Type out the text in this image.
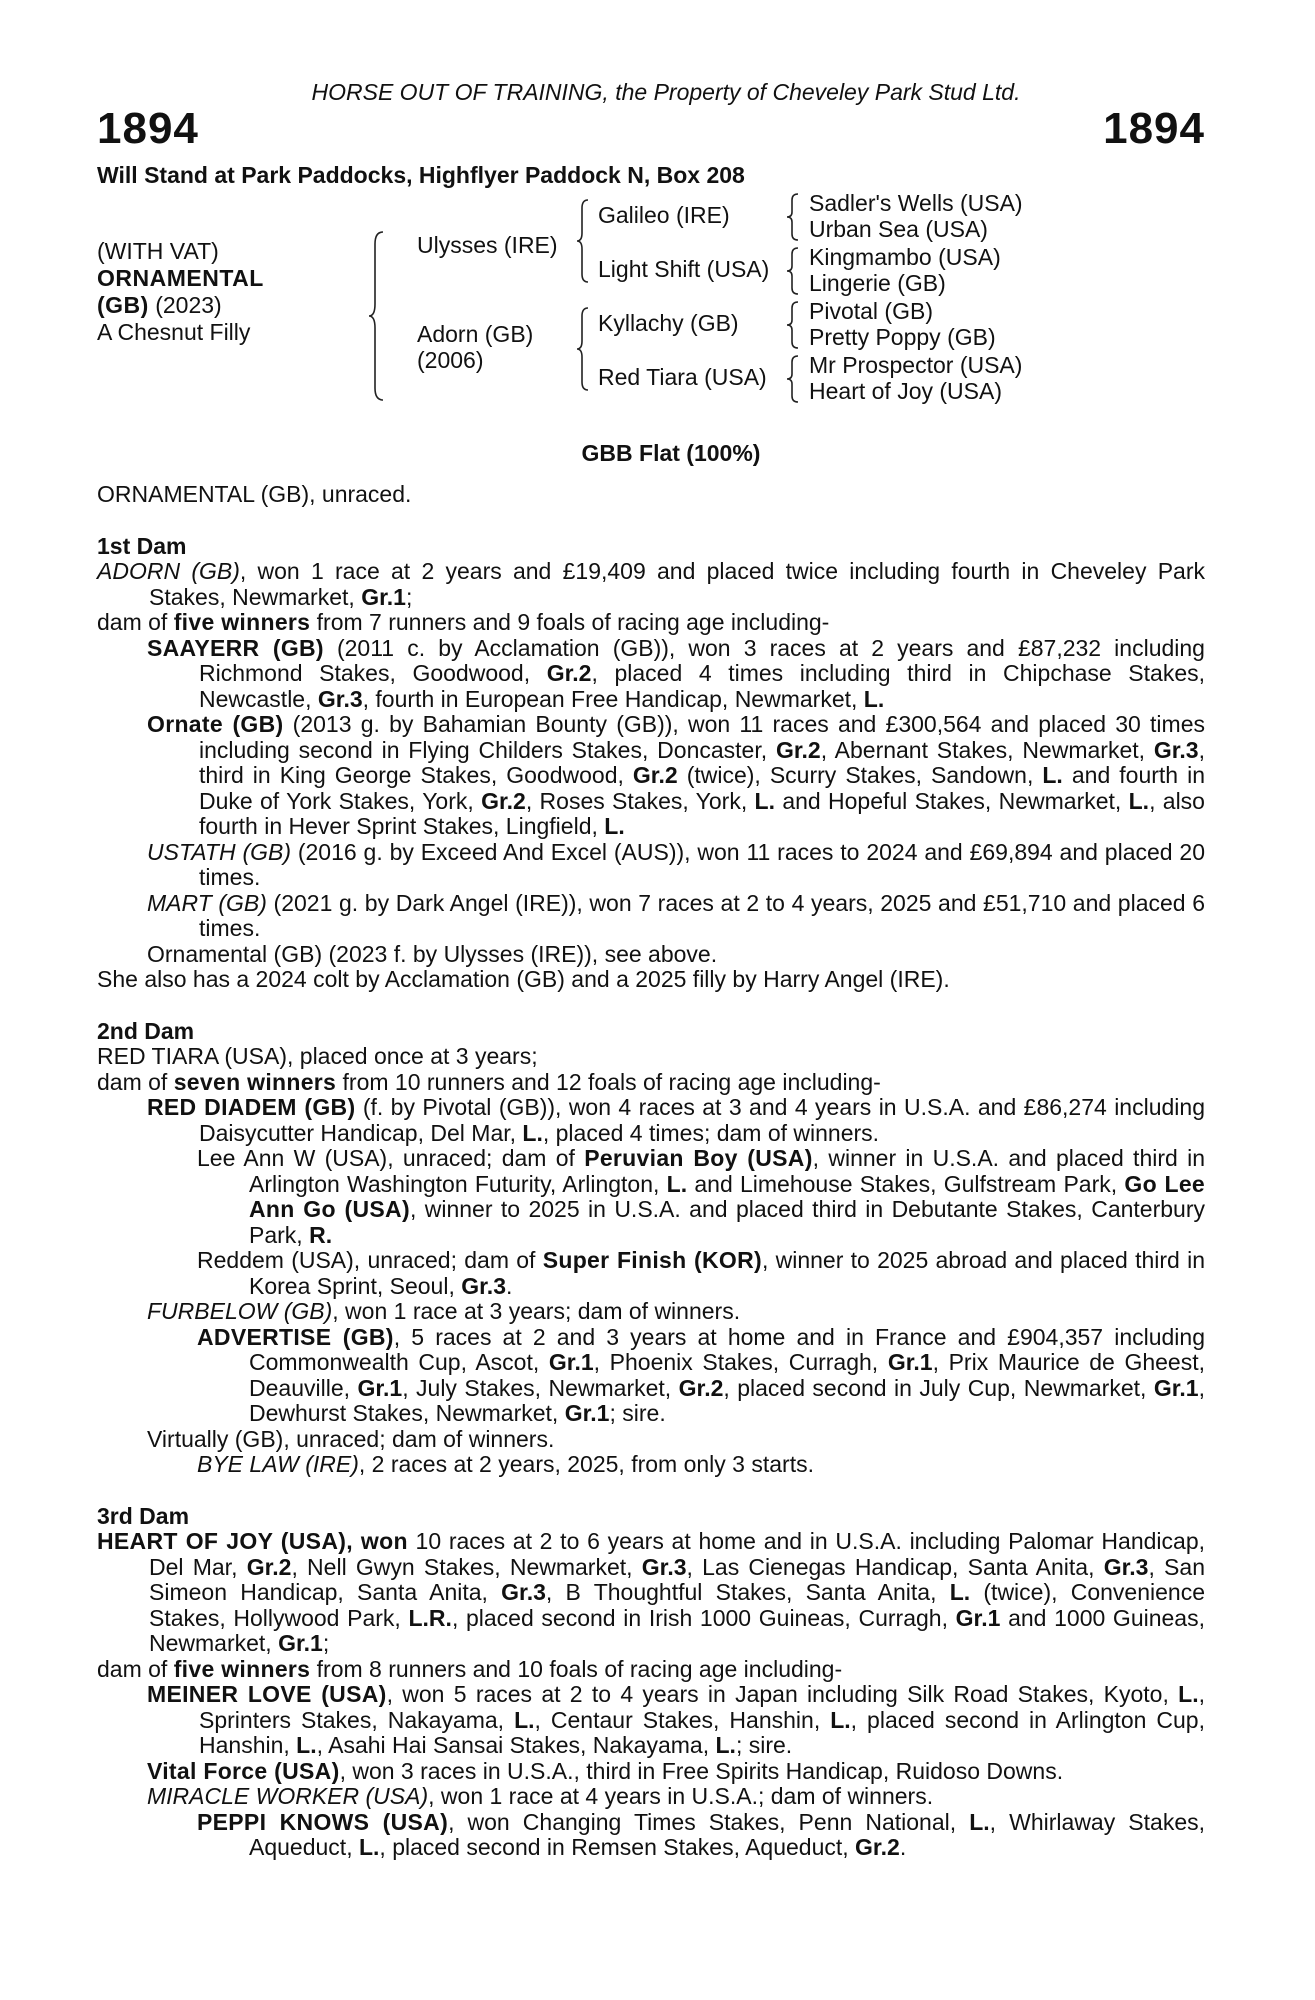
HORSE OUT OF TRAINING, the Property of Cheveley Park Stud Ltd.
1894	1894
Will Stand at Park Paddocks, Highflyer Paddock N, Box 208
(WITH VAT)
ORNAMENTAL
(GB) (2023)
A Chesnut Filly
Ulysses (IRE)
Adorn (GB)
(2006)
Galileo (IRE)
Light Shift (USA)
Kyllachy (GB)
Red Tiara (USA)
Sadler's Wells (USA)
Urban Sea (USA)
Kingmambo (USA)
Lingerie (GB)
Pivotal (GB)
Pretty Poppy (GB)
Mr Prospector (USA)
Heart of Joy (USA)
GBB Flat (100%)
ORNAMENTAL (GB), unraced.
1st Dam
ADORN (GB), won 1 race at 2 years and £19,409 and placed twice including fourth in Cheveley Park Stakes, Newmarket, Gr.1;
dam of five winners from 7 runners and 9 foals of racing age including-
SAAYERR (GB) (2011 c. by Acclamation (GB)), won 3 races at 2 years and £87,232 including Richmond Stakes, Goodwood, Gr.2, placed 4 times including third in Chipchase Stakes, Newcastle, Gr.3, fourth in European Free Handicap, Newmarket, L.
Ornate (GB) (2013 g. by Bahamian Bounty (GB)), won 11 races and £300,564 and placed 30 times including second in Flying Childers Stakes, Doncaster, Gr.2, Abernant Stakes, Newmarket, Gr.3, third in King George Stakes, Goodwood, Gr.2 (twice), Scurry Stakes, Sandown, L. and fourth in Duke of York Stakes, York, Gr.2, Roses Stakes, York, L. and Hopeful Stakes, Newmarket, L., also fourth in Hever Sprint Stakes, Lingfield, L.
USTATH (GB) (2016 g. by Exceed And Excel (AUS)), won 11 races to 2024 and £69,894 and placed 20 times.
MART (GB) (2021 g. by Dark Angel (IRE)), won 7 races at 2 to 4 years, 2025 and £51,710 and placed 6 times.
Ornamental (GB) (2023 f. by Ulysses (IRE)), see above.
She also has a 2024 colt by Acclamation (GB) and a 2025 filly by Harry Angel (IRE).
2nd Dam
RED TIARA (USA), placed once at 3 years;
dam of seven winners from 10 runners and 12 foals of racing age including-
RED DIADEM (GB) (f. by Pivotal (GB)), won 4 races at 3 and 4 years in U.S.A. and £86,274 including Daisycutter Handicap, Del Mar, L., placed 4 times; dam of winners.
Lee Ann W (USA), unraced; dam of Peruvian Boy (USA), winner in U.S.A. and placed third in Arlington Washington Futurity, Arlington, L. and Limehouse Stakes, Gulfstream Park, Go Lee Ann Go (USA), winner to 2025 in U.S.A. and placed third in Debutante Stakes, Canterbury Park, R.
Reddem (USA), unraced; dam of Super Finish (KOR), winner to 2025 abroad and placed third in Korea Sprint, Seoul, Gr.3.
FURBELOW (GB), won 1 race at 3 years; dam of winners.
ADVERTISE (GB), 5 races at 2 and 3 years at home and in France and £904,357 including Commonwealth Cup, Ascot, Gr.1, Phoenix Stakes, Curragh, Gr.1, Prix Maurice de Gheest, Deauville, Gr.1, July Stakes, Newmarket, Gr.2, placed second in July Cup, Newmarket, Gr.1, Dewhurst Stakes, Newmarket, Gr.1; sire.
Virtually (GB), unraced; dam of winners.
BYE LAW (IRE), 2 races at 2 years, 2025, from only 3 starts.
3rd Dam
HEART OF JOY (USA), won 10 races at 2 to 6 years at home and in U.S.A. including Palomar Handicap, Del Mar, Gr.2, Nell Gwyn Stakes, Newmarket, Gr.3, Las Cienegas Handicap, Santa Anita, Gr.3, San Simeon Handicap, Santa Anita, Gr.3, B Thoughtful Stakes, Santa Anita, L. (twice), Convenience Stakes, Hollywood Park, L.R., placed second in Irish 1000 Guineas, Curragh, Gr.1 and 1000 Guineas, Newmarket, Gr.1;
dam of five winners from 8 runners and 10 foals of racing age including-
MEINER LOVE (USA), won 5 races at 2 to 4 years in Japan including Silk Road Stakes, Kyoto, L., Sprinters Stakes, Nakayama, L., Centaur Stakes, Hanshin, L., placed second in Arlington Cup, Hanshin, L., Asahi Hai Sansai Stakes, Nakayama, L.; sire.
Vital Force (USA), won 3 races in U.S.A., third in Free Spirits Handicap, Ruidoso Downs.
MIRACLE WORKER (USA), won 1 race at 4 years in U.S.A.; dam of winners.
PEPPI KNOWS (USA), won Changing Times Stakes, Penn National, L., Whirlaway Stakes, Aqueduct, L., placed second in Remsen Stakes, Aqueduct, Gr.2.
